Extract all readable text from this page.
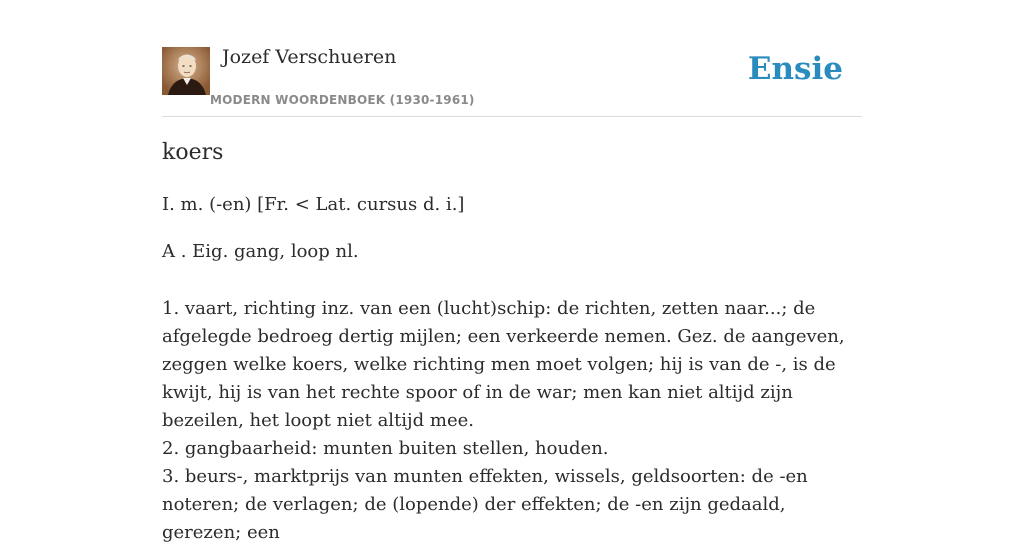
Jozef Verschueren
MODERN WOORDENBOEK (1930-1961)
Ensie
koers
I. m. (-en) [Fr. < Lat. cursus d. i.]
A . Eig. gang, loop nl.

1. vaart, richting inz. van een (lucht)schip: de richten, zetten naar...; de afgelegde bedroeg dertig mijlen; een verkeerde nemen. Gez. de aangeven, zeggen welke koers, welke richting men moet volgen; hij is van de -, is de kwijt, hij is van het rechte spoor of in de war; men kan niet altijd zijn bezeilen, het loopt niet altijd mee.

2. gangbaarheid: munten buiten stellen, houden.

3. beurs-, marktprijs van munten effekten, wissels, geldsoorten: de -en noteren; de verlagen; de (lopende) der effekten; de -en zijn gedaald, gerezen; een
